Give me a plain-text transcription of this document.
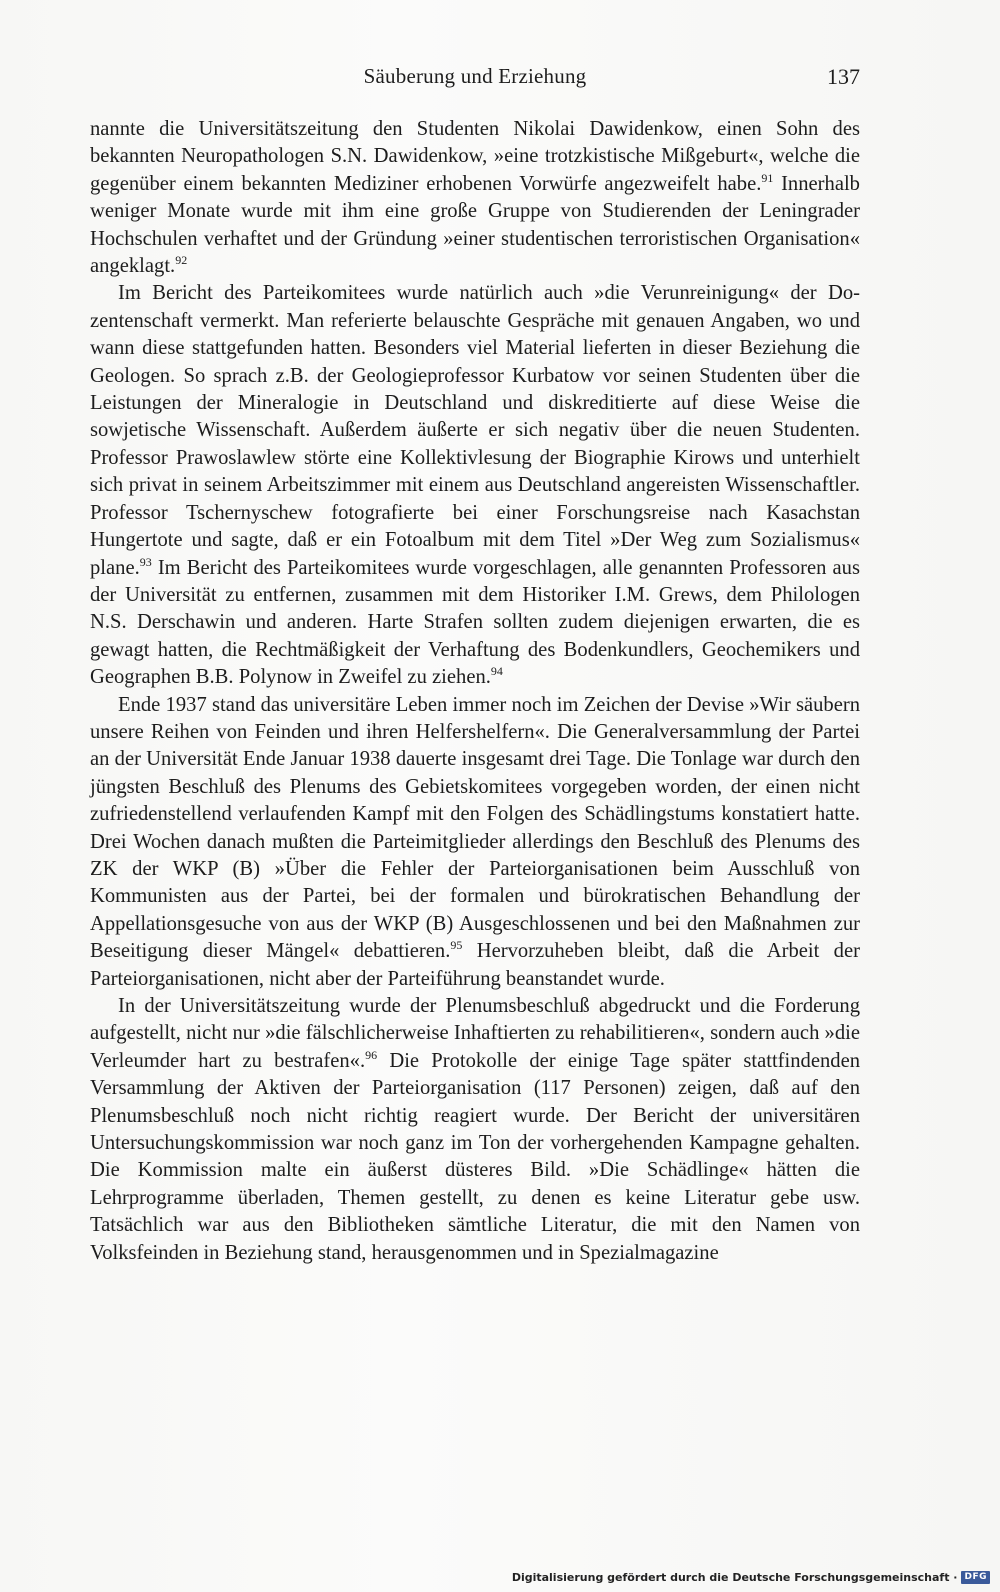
Säuberung und Erziehung	137

nannte die Universitätszeitung den Studenten Nikolai Dawidenkow, einen Sohn des bekannten Neuropathologen S.N. Dawidenkow, »eine trotzkistische Mißgeburt«, welche die gegenüber einem bekannten Mediziner erhobenen Vorwürfe angezweifelt habe.$^{91}$ Innerhalb weniger Monate wurde mit ihm eine große Gruppe von Studierenden der Leningrader Hochschulen verhaftet und der Gründung »einer studentischen terroristischen Organisation« angeklagt.$^{92}$

Im Bericht des Parteikomitees wurde natürlich auch »die Verunreinigung« der Dozentenschaft vermerkt. Man referierte belauschte Gespräche mit genauen Angaben, wo und wann diese stattgefunden hatten. Besonders viel Material lieferten in dieser Beziehung die Geologen. So sprach z.B. der Geologieprofessor Kurbatow vor seinen Studenten über die Leistungen der Mineralogie in Deutschland und diskreditierte auf diese Weise die sowjetische Wissenschaft. Außerdem äußerte er sich negativ über die neuen Studenten. Professor Prawoslawlew störte eine Kollektivlesung der Biographie Kirows und unterhielt sich privat in seinem Arbeitszimmer mit einem aus Deutschland angereisten Wissenschaftler. Professor Tschernyschew fotografierte bei einer Forschungsreise nach Kasachstan Hungertote und sagte, daß er ein Fotoalbum mit dem Titel »Der Weg zum Sozialismus« plane.$^{93}$ Im Bericht des Parteikomitees wurde vorgeschlagen, alle genannten Professoren aus der Universität zu entfernen, zusammen mit dem Historiker I.M. Grews, dem Philologen N.S. Derschawin und anderen. Harte Strafen sollten zudem diejenigen erwarten, die es gewagt hatten, die Rechtmäßigkeit der Verhaftung des Bodenkundlers, Geochemikers und Geographen B.B. Polynow in Zweifel zu ziehen.$^{94}$

Ende 1937 stand das universitäre Leben immer noch im Zeichen der Devise »Wir säubern unsere Reihen von Feinden und ihren Helfershelfern«. Die Generalversammlung der Partei an der Universität Ende Januar 1938 dauerte insgesamt drei Tage. Die Tonlage war durch den jüngsten Beschluß des Plenums des Gebietskomitees vorgegeben worden, der einen nicht zufriedenstellend verlaufenden Kampf mit den Folgen des Schädlingstums konstatiert hatte. Drei Wochen danach mußten die Parteimitglieder allerdings den Beschluß des Plenums des ZK der WKP (B) »Über die Fehler der Parteiorganisationen beim Ausschluß von Kommunisten aus der Partei, bei der formalen und bürokratischen Behandlung der Appellationsgesuche von aus der WKP (B) Ausgeschlossenen und bei den Maßnahmen zur Beseitigung dieser Mängel« debattieren.$^{95}$ Hervorzuheben bleibt, daß die Arbeit der Parteiorganisationen, nicht aber der Parteiführung beanstandet wurde.

In der Universitätszeitung wurde der Plenumsbeschluß abgedruckt und die Forderung aufgestellt, nicht nur »die fälschlicherweise Inhaftierten zu rehabilitieren«, sondern auch »die Verleumder hart zu bestrafen«.$^{96}$ Die Protokolle der einige Tage später stattfindenden Versammlung der Aktiven der Parteiorganisation (117 Personen) zeigen, daß auf den Plenumsbeschluß noch nicht richtig reagiert wurde. Der Bericht der universitären Untersuchungskommission war noch ganz im Ton der vorhergehenden Kampagne gehalten. Die Kommission malte ein äußerst düsteres Bild. »Die Schädlinge« hätten die Lehrprogramme überladen, Themen gestellt, zu denen es keine Literatur gebe usw. Tatsächlich war aus den Bibliotheken sämtliche Literatur, die mit den Namen von Volksfeinden in Beziehung stand, herausgenommen und in Spezialmagazine

Digitalisierung gefördert durch die Deutsche Forschungsgemeinschaft · DFG
